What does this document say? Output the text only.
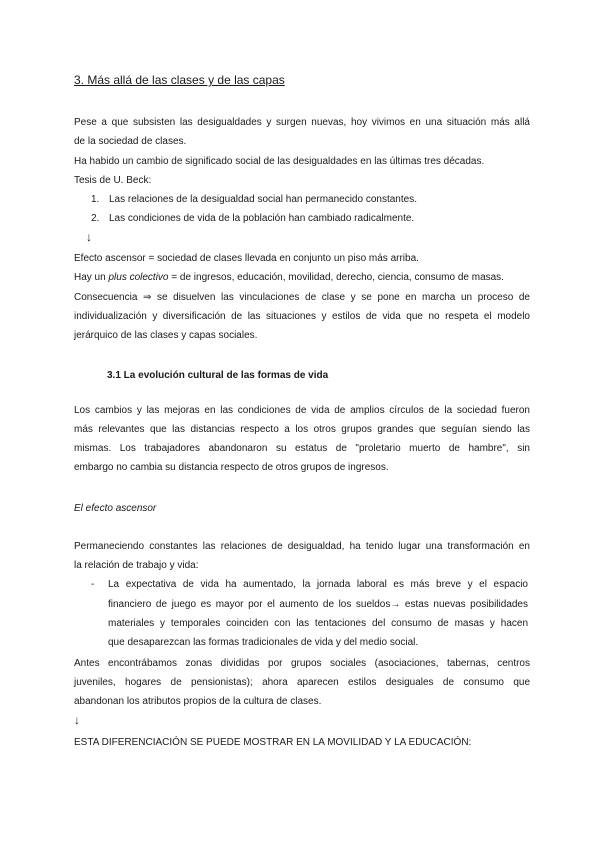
3. Más allá de las clases y de las capas
Pese a que subsisten las desigualdades y surgen nuevas, hoy vivimos en una situación más allá
de la sociedad de clases.
Ha habido un cambio de significado social de las desigualdades en las últimas tres décadas.
Tesis de U. Beck:
1. Las relaciones de la desigualdad social han permanecido constantes.
2. Las condiciones de vida de la población han cambiado radicalmente.
↓
Efecto ascensor = sociedad de clases llevada en conjunto un piso más arriba.
Hay un plus colectivo = de ingresos, educación, movilidad, derecho, ciencia, consumo de masas.
Consecuencia ⇒ se disuelven las vinculaciones de clase y se pone en marcha un proceso de
individualización y diversificación de las situaciones y estilos de vida que no respeta el modelo
jerárquico de las clases y capas sociales.
3.1 La evolución cultural de las formas de vida
Los cambios y las mejoras en las condiciones de vida de amplios círculos de la sociedad fueron
más relevantes que las distancias respecto a los otros grupos grandes que seguían siendo las
mismas. Los trabajadores abandonaron su estatus de "proletario muerto de hambre", sin
embargo no cambia su distancia respecto de otros grupos de ingresos.
El efecto ascensor
Permaneciendo constantes las relaciones de desigualdad, ha tenido lugar una transformación en
la relación de trabajo y vida:
-	La expectativa de vida ha aumentado, la jornada laboral es más breve y el espacio
financiero de juego es mayor por el aumento de los sueldos→ estas nuevas posibilidades
materiales y temporales coinciden con las tentaciones del consumo de masas y hacen
que desaparezcan las formas tradicionales de vida y del medio social.
Antes encontrábamos zonas divididas por grupos sociales (asociaciones, tabernas, centros
juveniles, hogares de pensionistas); ahora aparecen estilos desiguales de consumo que
abandonan los atributos propios de la cultura de clases.
↓
ESTA DIFERENCIACIÓN SE PUEDE MOSTRAR EN LA MOVILIDAD Y LA EDUCACIÓN:
